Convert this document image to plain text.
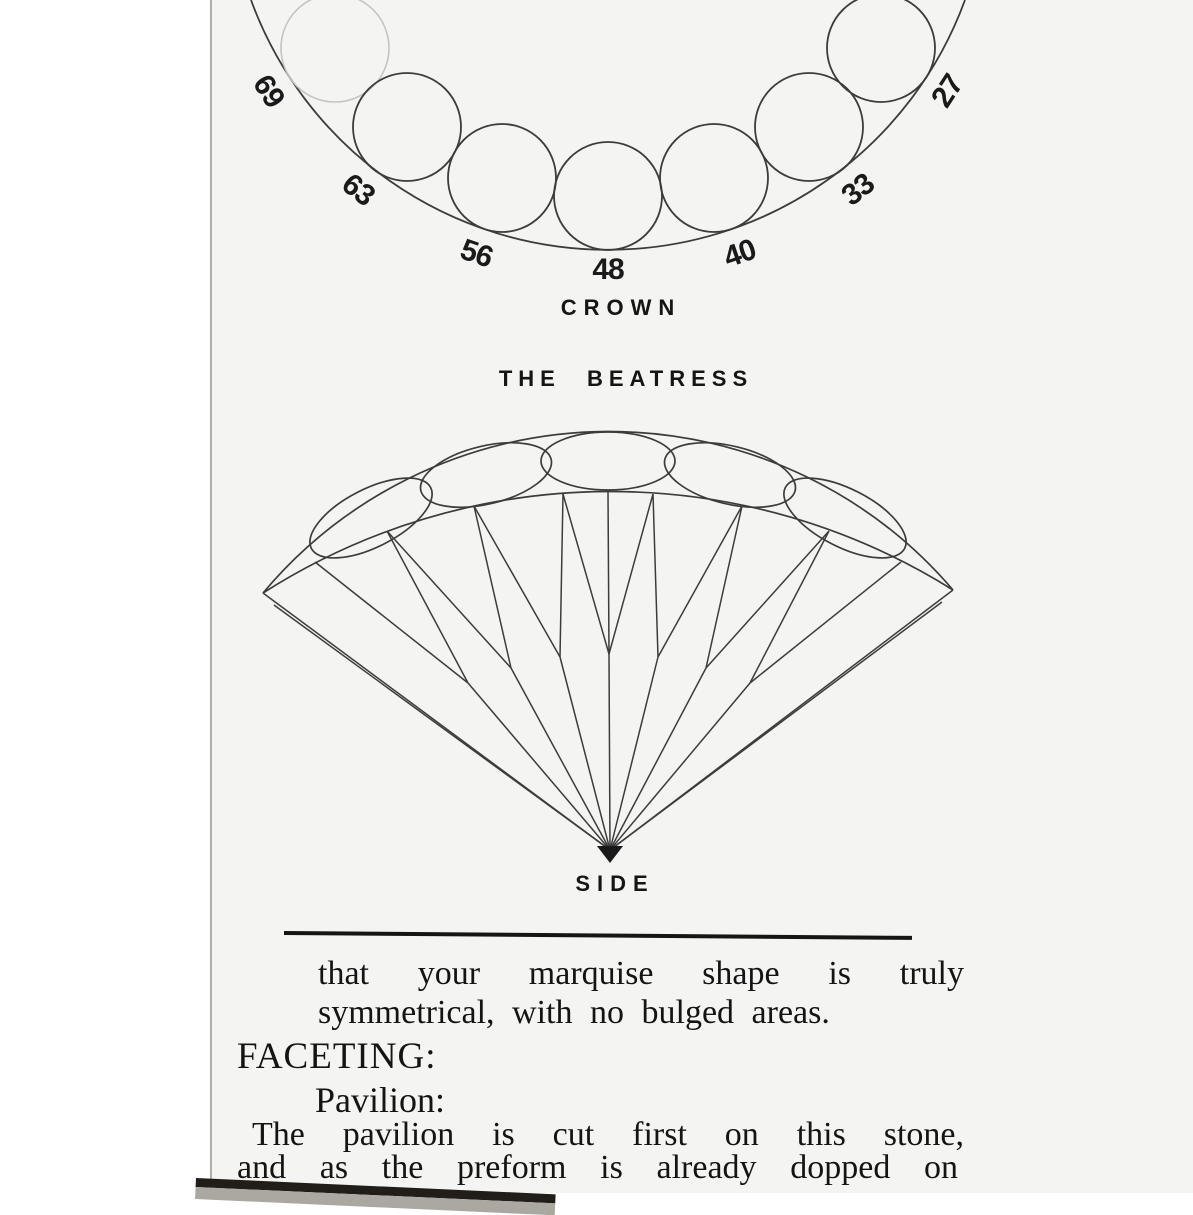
69
63
56	48	40
33
27
CROWN
THE BEATRESS
SIDE
that your marquise shape is truly
symmetrical, with no bulged areas.
FACETING:
Pavilion:
The pavilion is cut first on this stone,
and as the preform is already dopped on
